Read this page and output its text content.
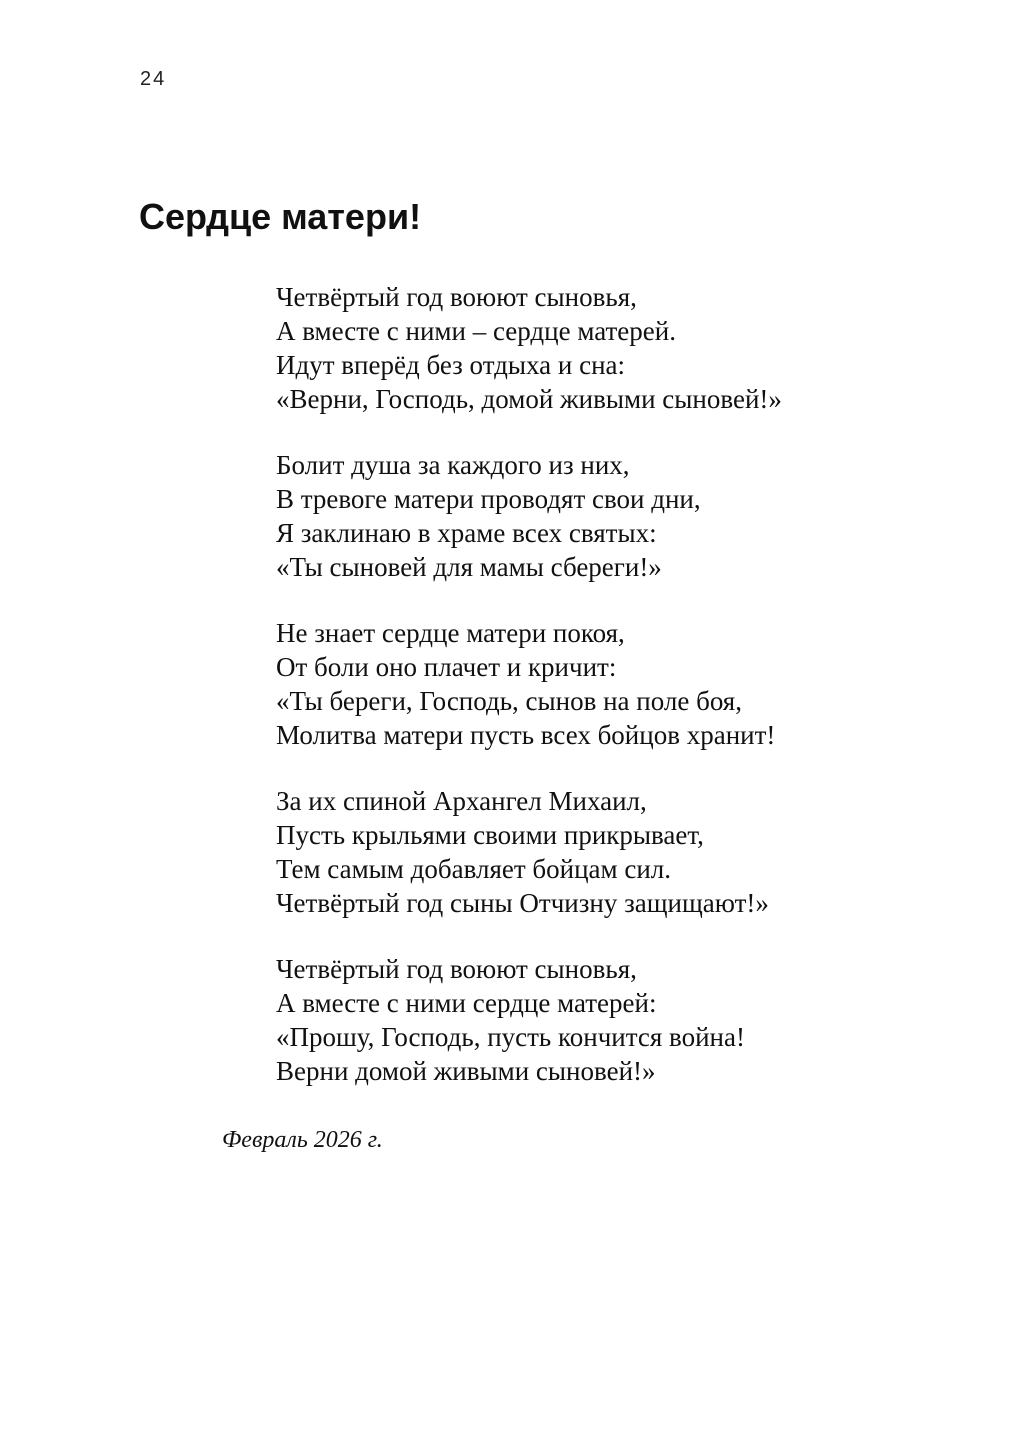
24
Сердце матери!

Четвёртый год воюют сыновья,
А вместе с ними – сердце матерей.
Идут вперёд без отдыха и сна:
«Верни, Господь, домой живыми сыновей!»

Болит душа за каждого из них,
В тревоге матери проводят свои дни,
Я заклинаю в храме всех святых:
«Ты сыновей для мамы сбереги!»

Не знает сердце матери покоя,
От боли оно плачет и кричит:
«Ты береги, Господь, сынов на поле боя,
Молитва матери пусть всех бойцов хранит!

За их спиной Архангел Михаил,
Пусть крыльями своими прикрывает,
Тем самым добавляет бойцам сил.
Четвёртый год сыны Отчизну защищают!»

Четвёртый год воюют сыновья,
А вместе с ними сердце матерей:
«Прошу, Господь, пусть кончится война!
Верни домой живыми сыновей!»

Февраль 2026 г.
